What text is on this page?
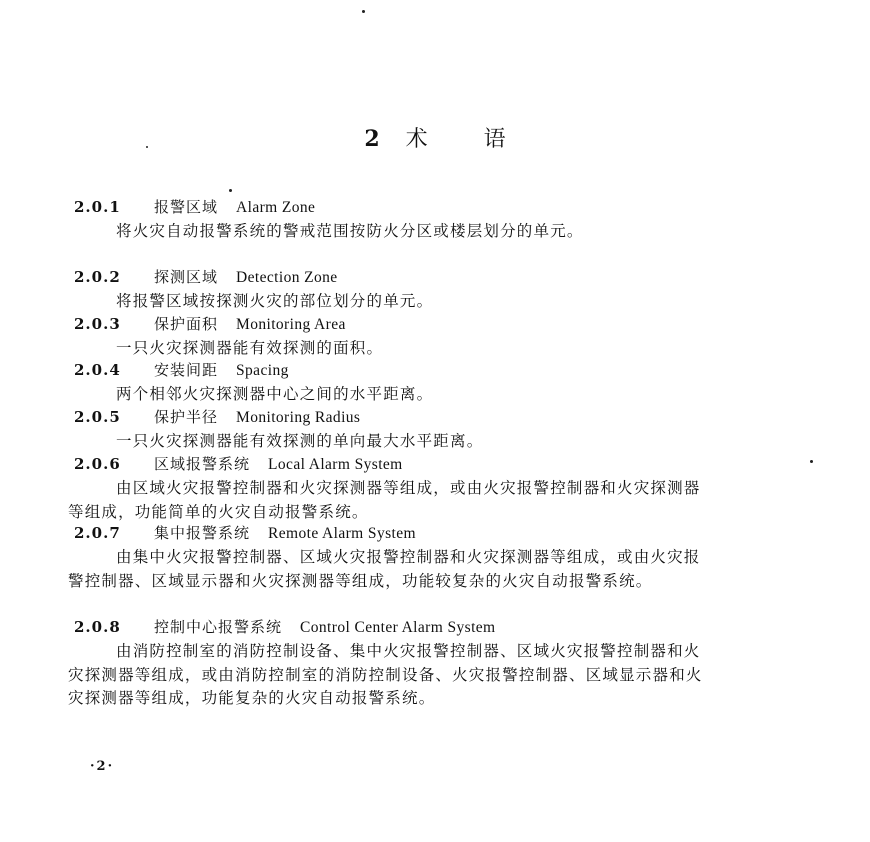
2 术	语
2.0.1 报警区域 Alarm Zone

将火灾自动报警系统的警戒范围按防火分区或楼层划分的单元。

2.0.2 探测区域 Detection Zone

将报警区域按探测火灾的部位划分的单元。

2.0.3 保护面积 Monitoring Area

一只火灾探测器能有效探测的面积。

2.0.4 安装间距 Spacing

两个相邻火灾探测器中心之间的水平距离。

2.0.5 保护半径 Monitoring Radius

一只火灾探测器能有效探测的单向最大水平距离。

2.0.6 区域报警系统 Local Alarm System

由区域火灾报警控制器和火灾探测器等组成，或由火灾报警控制器和火灾探测器等组成，功能简单的火灾自动报警系统。

2.0.7 集中报警系统 Remote Alarm System

由集中火灾报警控制器、区域火灾报警控制器和火灾探测器等组成，或由火灾报警控制器、区域显示器和火灾探测器等组成，功能较复杂的火灾自动报警系统。

2.0.8 控制中心报警系统 Control Center Alarm System

由消防控制室的消防控制设备、集中火灾报警控制器、区域火灾报警控制器和火灾探测器等组成，或由消防控制室的消防控制设备、火灾报警控制器、区域显示器和火灾探测器等组成，功能复杂的火灾自动报警系统。

·2·
